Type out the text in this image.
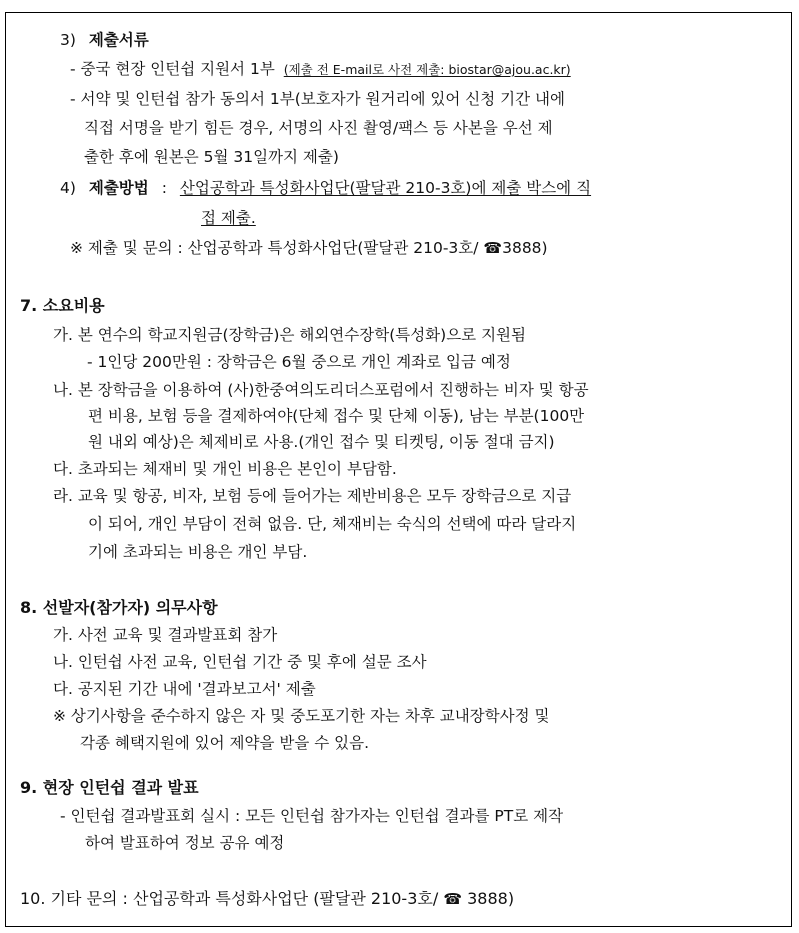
3) 제출서류
- 중국 현장 인턴쉽 지원서 1부 (제출 전 E-mail로 사전 제출: biostar@ajou.ac.kr)
- 서약 및 인턴쉽 참가 동의서 1부(보호자가 원거리에 있어 신청 기간 내에
직접 서명을 받기 힘든 경우, 서명의 사진 촬영/팩스 등 사본을 우선 제
출한 후에 원본은 5월 31일까지 제출)
4) 제출방법 : 산업공학과 특성화사업단(팔달관 210-3호)에 제출 박스에 직
접 제출.
※ 제출 및 문의 : 산업공학과 특성화사업단(팔달관 210-3호/ ☎3888)
7. 소요비용
가. 본 연수의 학교지원금(장학금)은 해외연수장학(특성화)으로 지원됨
- 1인당 200만원 : 장학금은 6월 중으로 개인 계좌로 입금 예정
나. 본 장학금을 이용하여 (사)한중여의도리더스포럼에서 진행하는 비자 및 항공
편 비용, 보험 등을 결제하여야(단체 접수 및 단체 이동), 남는 부분(100만
원 내외 예상)은 체제비로 사용.(개인 접수 및 티켓팅, 이동 절대 금지)
다. 초과되는 체재비 및 개인 비용은 본인이 부담함.
라. 교육 및 항공, 비자, 보험 등에 들어가는 제반비용은 모두 장학금으로 지급
이 되어, 개인 부담이 전혀 없음. 단, 체재비는 숙식의 선택에 따라 달라지
기에 초과되는 비용은 개인 부담.
8. 선발자(참가자) 의무사항
가. 사전 교육 및 결과발표회 참가
나. 인턴쉽 사전 교육, 인턴쉽 기간 중 및 후에 설문 조사
다. 공지된 기간 내에 '결과보고서' 제출
※ 상기사항을 준수하지 않은 자 및 중도포기한 자는 차후 교내장학사정 및
각종 혜택지원에 있어 제약을 받을 수 있음.
9. 현장 인턴쉽 결과 발표
- 인턴쉽 결과발표회 실시 : 모든 인턴쉽 참가자는 인턴쉽 결과를 PT로 제작
하여 발표하여 정보 공유 예정
10. 기타 문의 : 산업공학과 특성화사업단 (팔달관 210-3호/ ☎ 3888)
